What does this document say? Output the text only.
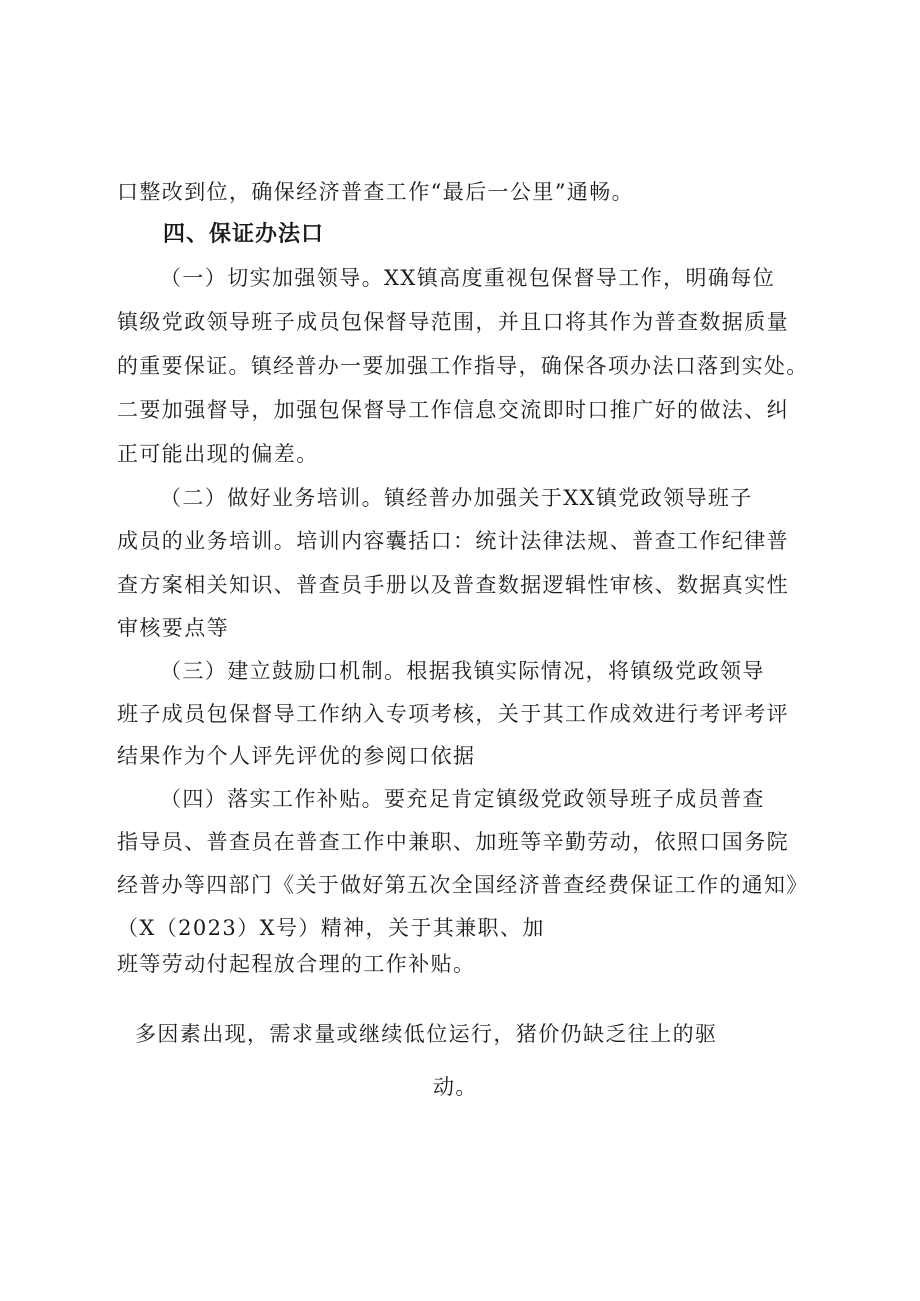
口整改到位，确保经济普查工作“最后一公里”通畅。

四、保证办法口

（一）切实加强领导。XX镇高度重视包保督导工作，明确每位

镇级党政领导班子成员包保督导范围，并且口将其作为普查数据质量

的重要保证。镇经普办一要加强工作指导，确保各项办法口落到实处。

二要加强督导，加强包保督导工作信息交流即时口推广好的做法、纠

正可能出现的偏差。

（二）做好业务培训。镇经普办加强关于XX镇党政领导班子

成员的业务培训。培训内容囊括口：统计法律法规、普查工作纪律普

查方案相关知识、普查员手册以及普查数据逻辑性审核、数据真实性

审核要点等

（三）建立鼓励口机制。根据我镇实际情况，将镇级党政领导

班子成员包保督导工作纳入专项考核，关于其工作成效进行考评考评

结果作为个人评先评优的参阅口依据

（四）落实工作补贴。要充足肯定镇级党政领导班子成员普查

指导员、普查员在普查工作中兼职、加班等辛勤劳动，依照口国务院

经普办等四部门《关于做好第五次全国经济普查经费保证工作的通知》

（X（2023）X号）精神，关于其兼职、加

班等劳动付起程放合理的工作补贴。

多因素出现，需求量或继续低位运行，猪价仍缺乏往上的驱

动。
